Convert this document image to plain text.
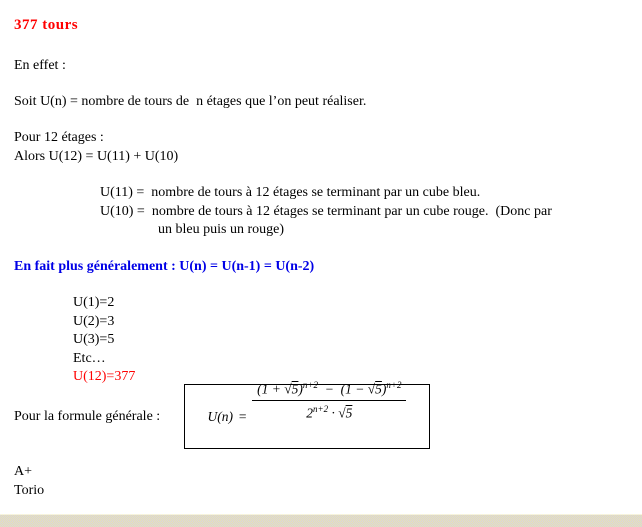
377 tours
En effet :
Soit U(n) = nombre de tours de  n étages que l’on peut réaliser.
Pour 12 étages :
Alors U(12) = U(11) + U(10)
U(11) =  nombre de tours à 12 étages se terminant par un cube bleu.
U(10) =  nombre de tours à 12 étages se terminant par un cube rouge.  (Donc par
un bleu puis un rouge)
En fait plus généralement : U(n) = U(n-1) = U(n-2)
U(1)=2
U(2)=3
U(3)=5
Etc…
U(12)=377
Pour la formule générale :	$U(n) = \frac{(1 + √5)^{n+2} - (1 - √5)^{n+2}}{2^{n+2} \cdot √5}$

A+
Torio
